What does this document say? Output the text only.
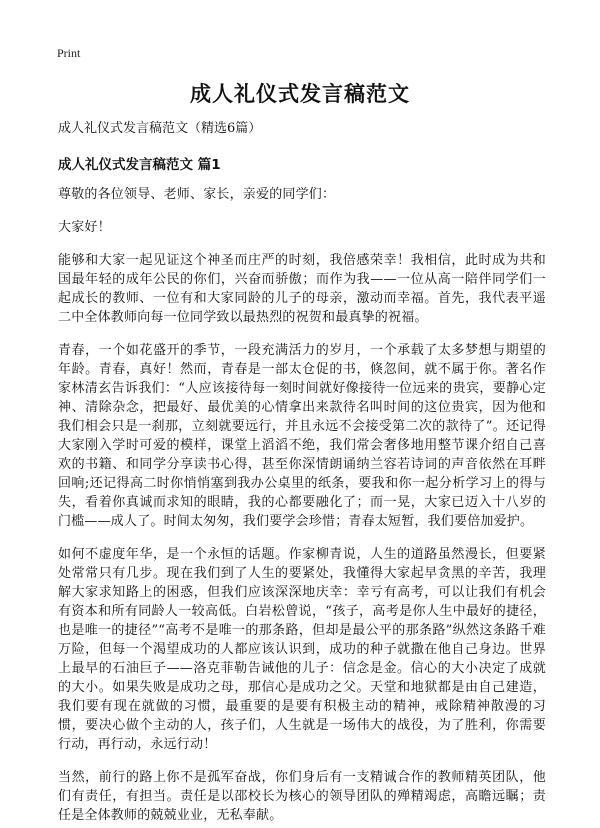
Print
成人礼仪式发言稿范文
成人礼仪式发言稿范文（精选6篇）
成人礼仪式发言稿范文 篇1

尊敬的各位领导、老师、家长，亲爱的同学们：

大家好！

能够和大家一起见证这个神圣而庄严的时刻，我倍感荣幸！我相信，此时成为共和国最年轻的成年公民的你们，兴奋而骄傲；而作为我——一位从高一陪伴同学们一起成长的教师、一位有和大家同龄的儿子的母亲，激动而幸福。首先，我代表平遥二中全体教师向每一位同学致以最热烈的祝贺和最真挚的祝福。

青春，一个如花盛开的季节，一段充满活力的岁月，一个承载了太多梦想与期望的年龄。青春，真好！然而，青春是一部太仓促的书，倏忽间，就不属于你。著名作家林清玄告诉我们：“人应该接待每一刻时间就好像接待一位远来的贵宾，要静心定神、清除杂念，把最好、最优美的心情拿出来款待名叫时间的这位贵宾，因为他和我们相会只是一刹那，立刻就要远行，并且永远不会接受第二次的款待了”。还记得大家刚入学时可爱的模样，课堂上滔滔不绝，我们常会奢侈地用整节课介绍自己喜欢的书籍、和同学分享读书心得，甚至你深情朗诵纳兰容若诗词的声音依然在耳畔回响;还记得高二时你悄悄塞到我办公桌里的纸条，要我和你一起分析学习上的得与失，看着你真诚而求知的眼睛，我的心都要融化了；而一晃，大家已迈入十八岁的门槛——成人了。时间太匆匆，我们要学会珍惜；青春太短暂，我们要倍加爱护。

如何不虚度年华，是一个永恒的话题。作家柳青说，人生的道路虽然漫长，但要紧处常常只有几步。现在我们到了人生的要紧处，我懂得大家起早贪黑的辛苦，我理解大家求知路上的困惑，但我们应该深深地庆幸：幸亏有高考，可以让我们有机会有资本和所有同龄人一较高低。白岩松曾说，“孩子，高考是你人生中最好的捷径，也是唯一的捷径”“高考不是唯一的那条路，但却是最公平的那条路”纵然这条路千难万险，但每一个渴望成功的人都应该认识到，成功的种子就撒在他自己身边。世界上最早的石油巨子——洛克菲勒告诫他的儿子：信念是金。信心的大小决定了成就的大小。如果失败是成功之母，那信心是成功之父。天堂和地狱都是由自己建造，我们要有现在就做的习惯，最重要的是要有积极主动的精神，戒除精神散漫的习惯，要决心做个主动的人，孩子们，人生就是一场伟大的战役，为了胜利，你需要行动，再行动，永远行动！

当然，前行的路上你不是孤军奋战，你们身后有一支精诚合作的教师精英团队，他们有责任，有担当。责任是以邵校长为核心的领导团队的殚精竭虑，高瞻远瞩；责任是全体教师的兢兢业业，无私奉献。
